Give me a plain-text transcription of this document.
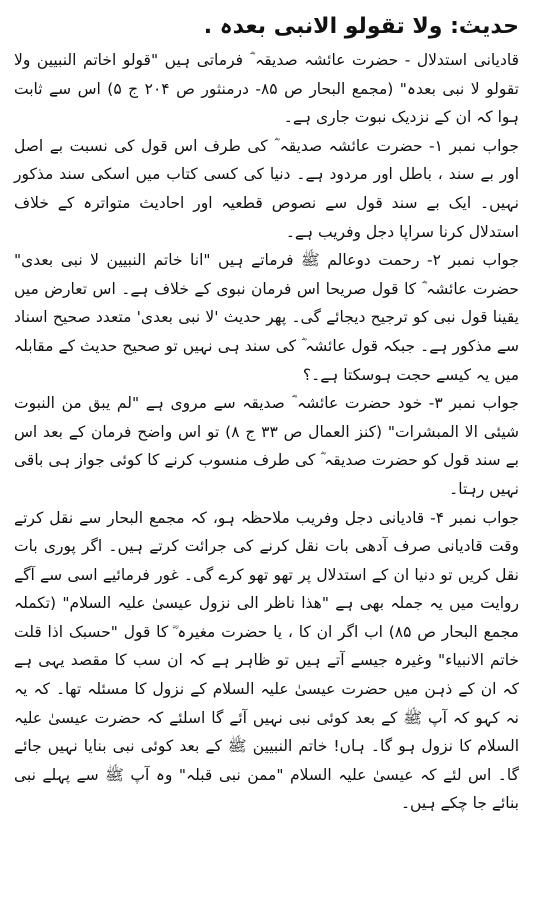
حدیث: ولا تقولو الانبی بعدہ .

قادیانی استدلال - حضرت عائشہ صدیقہ ؓ فرماتی ہیں "قولو اخاتم النبیین ولا تقولو لا نبی بعدہ" (مجمع البحار ص ۸۵- درمنثور ص ۲۰۴ ج ۵) اس سے ثابت ہوا کہ ان کے نزدیک نبوت جاری ہے۔

جواب نمبر ۱- حضرت عائشہ صدیقہ ؓ کی طرف اس قول کی نسبت بے اصل اور بے سند ، باطل اور مردود ہے۔ دنیا کی کسی کتاب میں اسکی سند مذکور نہیں۔ ایک بے سند قول سے نصوص قطعیہ اور احادیث متواترہ کے خلاف استدلال کرنا سراپا دجل وفریب ہے۔

جواب نمبر ۲- رحمت دوعالم ﷺ فرماتے ہیں "انا خاتم النبیین لا نبی بعدی" حضرت عائشہ ؓ کا قول صریحا اس فرمان نبوی کے خلاف ہے۔ اس تعارض میں یقینا قول نبی کو ترجیح دیجائے گی۔ پھر حدیث 'لا نبی بعدی' متعدد صحیح اسناد سے مذکور ہے۔ جبکہ قول عائشہ ؓ کی سند ہی نہیں تو صحیح حدیث کے مقابلہ میں یہ کیسے حجت ہوسکتا ہے۔؟

جواب نمبر ۳- خود حضرت عائشہ ؓ صدیقہ سے مروی ہے "لم یبق من النبوت شیئی الا المبشرات" (کنز العمال ص ۳۳ ج ۸) تو اس واضح فرمان کے بعد اس بے سند قول کو حضرت صدیقہ ؓ کی طرف منسوب کرنے کا کوئی جواز ہی باقی نہیں رہتا۔

جواب نمبر ۴- قادیانی دجل وفریب ملاحظہ ہو، کہ مجمع البحار سے نقل کرتے وقت قادیانی صرف آدھی بات نقل کرنے کی جرائت کرتے ہیں۔ اگر پوری بات نقل کریں تو دنیا ان کے استدلال پر تھو تھو کرے گی۔ غور فرمائیے اسی سے آگے روایت میں یہ جملہ بھی ہے "ھذا ناظر الی نزول عیسیٰ علیہ السلام" (تکملہ مجمع البحار ص ۸۵) اب اگر ان کا ، یا حضرت مغیرہ ؓ کا قول "حسبک اذا قلت خاتم الانبیاء" وغیرہ جیسے آتے ہیں تو ظاہر ہے کہ ان سب کا مقصد یہی ہے کہ ان کے ذہن میں حضرت عیسیٰ علیہ السلام کے نزول کا مسئلہ تھا۔ کہ یہ نہ کہو کہ آپ ﷺ کے بعد کوئی نبی نہیں آئے گا اسلئے کہ حضرت عیسیٰ علیہ السلام کا نزول ہو گا۔ ہاں! خاتم النبیین ﷺ کے بعد کوئی نبی بنایا نہیں جائے گا۔ اس لئے کہ عیسیٰ علیہ السلام "ممن نبی قبلہ" وہ آپ ﷺ سے پہلے نبی بنائے جا چکے ہیں۔
